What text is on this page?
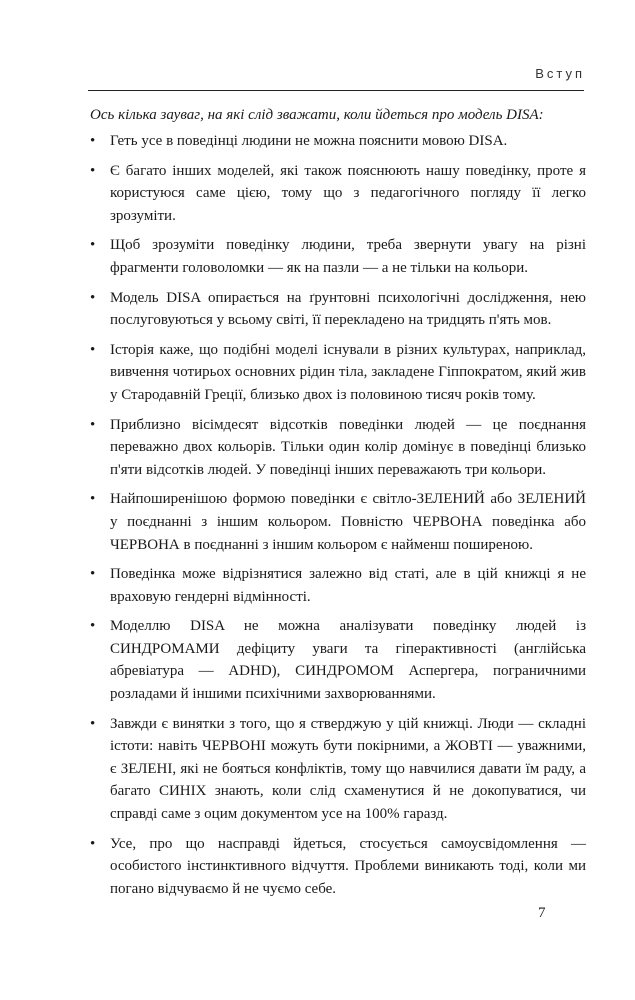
Вступ

Ось кілька зауваг, на які слід зважати, коли йдеться про модель DISA:

• Геть усе в поведінці людини не можна пояснити мовою DISA.
• Є багато інших моделей, які також пояснюють нашу поведінку, проте я користуюся саме цією, тому що з педагогічного погляду її легко зрозуміти.
• Щоб зрозуміти поведінку людини, треба звернути увагу на різні фрагменти головоломки — як на пазли — а не тільки на кольори.
• Модель DISA опирається на ґрунтовні психологічні дослідження, нею послуговуються у всьому світі, її перекладено на тридцять п'ять мов.
• Історія каже, що подібні моделі існували в різних культурах, наприклад, вивчення чотирьох основних рідин тіла, закладене Гіппократом, який жив у Стародавній Греції, близько двох із половиною тисяч років тому.
• Приблизно вісімдесят відсотків поведінки людей — це поєднання переважно двох кольорів. Тільки один колір домінує в поведінці близько п'яти відсотків людей. У поведінці інших переважають три кольори.
• Найпоширенішою формою поведінки є світло-ЗЕЛЕНИЙ або ЗЕЛЕНИЙ у поєднанні з іншим кольором. Повністю ЧЕРВОНА поведінка або ЧЕРВОНА в поєднанні з іншим кольором є найменш поширеною.
• Поведінка може відрізнятися залежно від статі, але в цій книжці я не враховую гендерні відмінності.
• Моделлю DISA не можна аналізувати поведінку людей із СИНДРОМАМИ дефіциту уваги та гіперактивності (англійська абревіатура — ADHD), СИНДРОМОМ Аспергера, пограничними розладами й іншими психічними захворюваннями.
• Завжди є винятки з того, що я стверджую у цій книжці. Люди — складні істоти: навіть ЧЕРВОНІ можуть бути покірними, а ЖОВТІ — уважними, є ЗЕЛЕНІ, які не бояться конфліктів, тому що навчилися давати їм раду, а багато СИНІХ знають, коли слід схаменутися й не докопуватися, чи справді саме з оцим документом усе на 100% гаразд.
• Усе, про що насправді йдеться, стосується самоусвідомлення — особистого інстинктивного відчуття. Проблеми виникають тоді, коли ми погано відчуваємо й не чуємо себе.
7
